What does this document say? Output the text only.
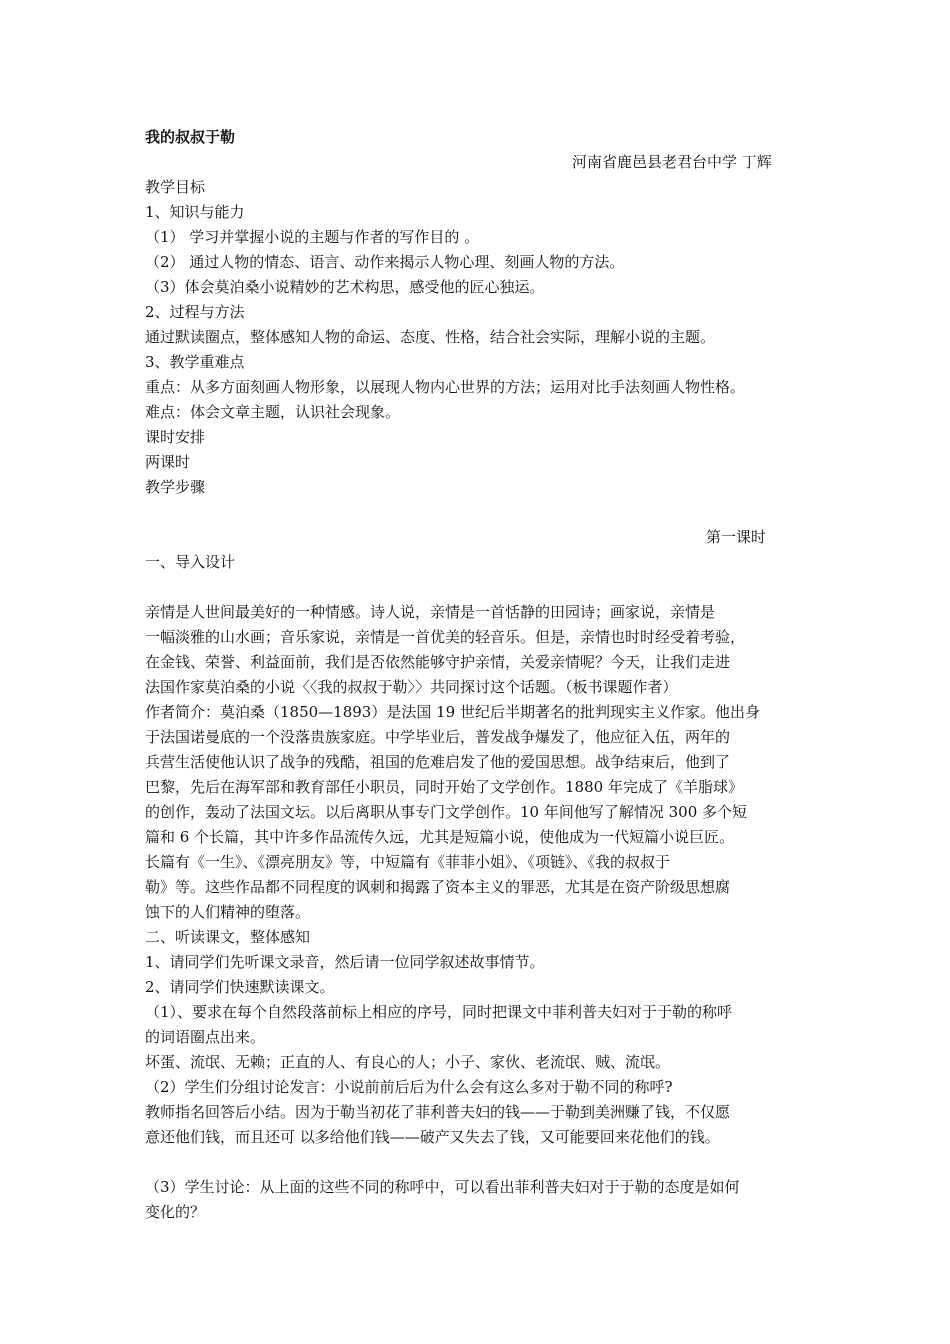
我的叔叔于勒
河南省鹿邑县老君台中学 丁辉
教学目标
1、知识与能力
（1） 学习并掌握小说的主题与作者的写作目的 。
（2） 通过人物的情态、语言、动作来揭示人物心理、刻画人物的方法。
（3）体会莫泊桑小说精妙的艺术构思，感受他的匠心独运。
2、过程与方法
通过默读圈点，整体感知人物的命运、态度、性格，结合社会实际，理解小说的主题。
3、教学重难点
重点：从多方面刻画人物形象，以展现人物内心世界的方法；运用对比手法刻画人物性格。
难点：体会文章主题，认识社会现象。
课时安排
两课时
教学步骤
第一课时
一、导入设计
亲情是人世间最美好的一种情感。诗人说，亲情是一首恬静的田园诗；画家说，亲情是
一幅淡雅的山水画；音乐家说，亲情是一首优美的轻音乐。但是，亲情也时时经受着考验，
在金钱、荣誉、利益面前，我们是否依然能够守护亲情，关爱亲情呢？今天，让我们走进
法国作家莫泊桑的小说〈〈我的叔叔于勒〉〉共同探讨这个话题。（板书课题作者）
作者简介：莫泊桑（1850—1893）是法国 19 世纪后半期著名的批判现实主义作家。他出身
于法国诺曼底的一个没落贵族家庭。中学毕业后，普发战争爆发了，他应征入伍，两年的
兵营生活使他认识了战争的残酷，祖国的危难启发了他的爱国思想。战争结束后，他到了
巴黎，先后在海军部和教育部任小职员，同时开始了文学创作。1880 年完成了《羊脂球》
的创作，轰动了法国文坛。以后离职从事专门文学创作。10 年间他写了解情况 300 多个短
篇和 6 个长篇，其中许多作品流传久远，尤其是短篇小说，使他成为一代短篇小说巨匠。
长篇有《一生》、《漂亮朋友》等，中短篇有《菲菲小姐》、《项链》、《我的叔叔于
勒》等。这些作品都不同程度的讽刺和揭露了资本主义的罪恶，尤其是在资产阶级思想腐
蚀下的人们精神的堕落。
二、听读课文，整体感知
1、请同学们先听课文录音，然后请一位同学叙述故事情节。
2、请同学们快速默读课文。
（1）、要求在每个自然段落前标上相应的序号，同时把课文中菲利普夫妇对于于勒的称呼
的词语圈点出来。
坏蛋、流氓、无赖；正直的人、有良心的人；小子、家伙、老流氓、贼、流氓。
（2）学生们分组讨论发言：小说前前后后为什么会有这么多对于勒不同的称呼?
教师指名回答后小结。因为于勒当初花了菲利普夫妇的钱——于勒到美洲赚了钱，不仅愿
意还他们钱，而且还可 以多给他们钱——破产又失去了钱，又可能要回来花他们的钱。
（3）学生讨论：从上面的这些不同的称呼中，可以看出菲利普夫妇对于于勒的态度是如何
变化的？
